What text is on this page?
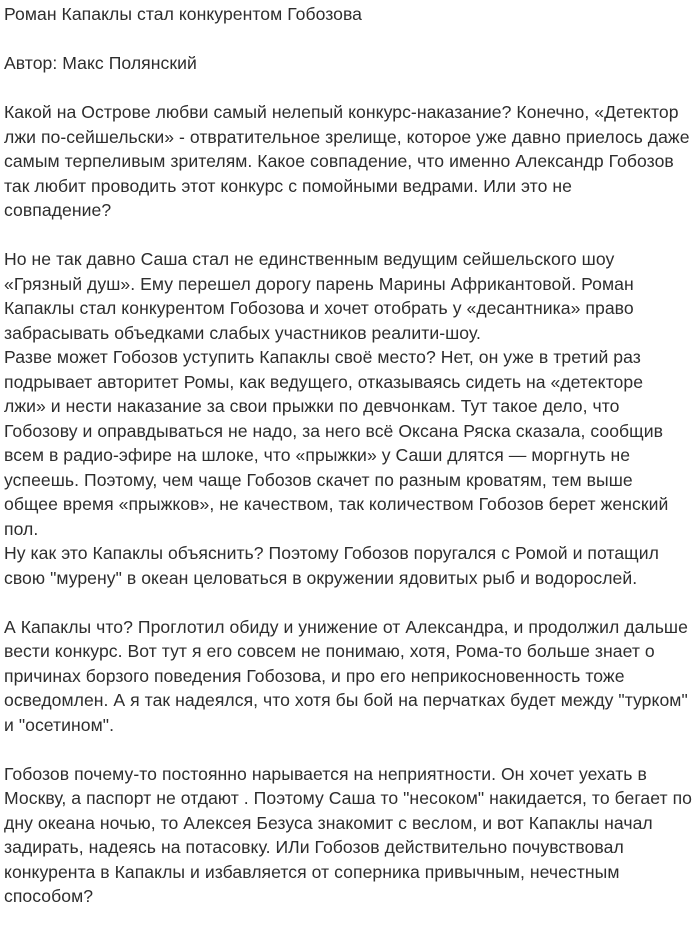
Роман Капаклы стал конкурентом Гобозова
Автор: Макс Полянский
Какой на Острове любви самый нелепый конкурс-наказание? Конечно, «Детектор
лжи по-сейшельски» - отвратительное зрелище, которое уже давно приелось даже
самым терпеливым зрителям. Какое совпадение, что именно Александр Гобозов
так любит проводить этот конкурс с помойными ведрами. Или это не
совпадение?
Но не так давно Саша стал не единственным ведущим сейшельского шоу
«Грязный душ». Ему перешел дорогу парень Марины Африкантовой. Роман
Капаклы стал конкурентом Гобозова и хочет отобрать у «десантника» право
забрасывать объедками слабых участников реалити-шоу.
Разве может Гобозов уступить Капаклы своё место? Нет, он уже в третий раз
подрывает авторитет Ромы, как ведущего, отказываясь сидеть на «детекторе
лжи» и нести наказание за свои прыжки по девчонкам. Тут такое дело, что
Гобозову и оправдываться не надо, за него всё Оксана Ряска сказала, сообщив
всем в радио-эфире на шлоке, что «прыжки» у Саши длятся — моргнуть не
успеешь. Поэтому, чем чаще Гобозов скачет по разным кроватям, тем выше
общее время «прыжков», не качеством, так количеством Гобозов берет женский
пол.
Ну как это Капаклы объяснить? Поэтому Гобозов поругался с Ромой и потащил
свою "мурену" в океан целоваться в окружении ядовитых рыб и водорослей.
А Капаклы что? Проглотил обиду и унижение от Александра, и продолжил дальше
вести конкурс. Вот тут я его совсем не понимаю, хотя, Рома-то больше знает о
причинах борзого поведения Гобозова, и про его неприкосновенность тоже
осведомлен. А я так надеялся, что хотя бы бой на перчатках будет между "турком"
и "осетином".
Гобозов почему-то постоянно нарывается на неприятности. Он хочет уехать в
Москву, а паспорт не отдают . Поэтому Саша то "несоком" накидается, то бегает по
дну океана ночью, то Алексея Безуса знакомит с веслом, и вот Капаклы начал
задирать, надеясь на потасовку. ИЛи Гобозов действительно почувствовал
конкурента в Капаклы и избавляется от соперника привычным, нечестным
способом?
